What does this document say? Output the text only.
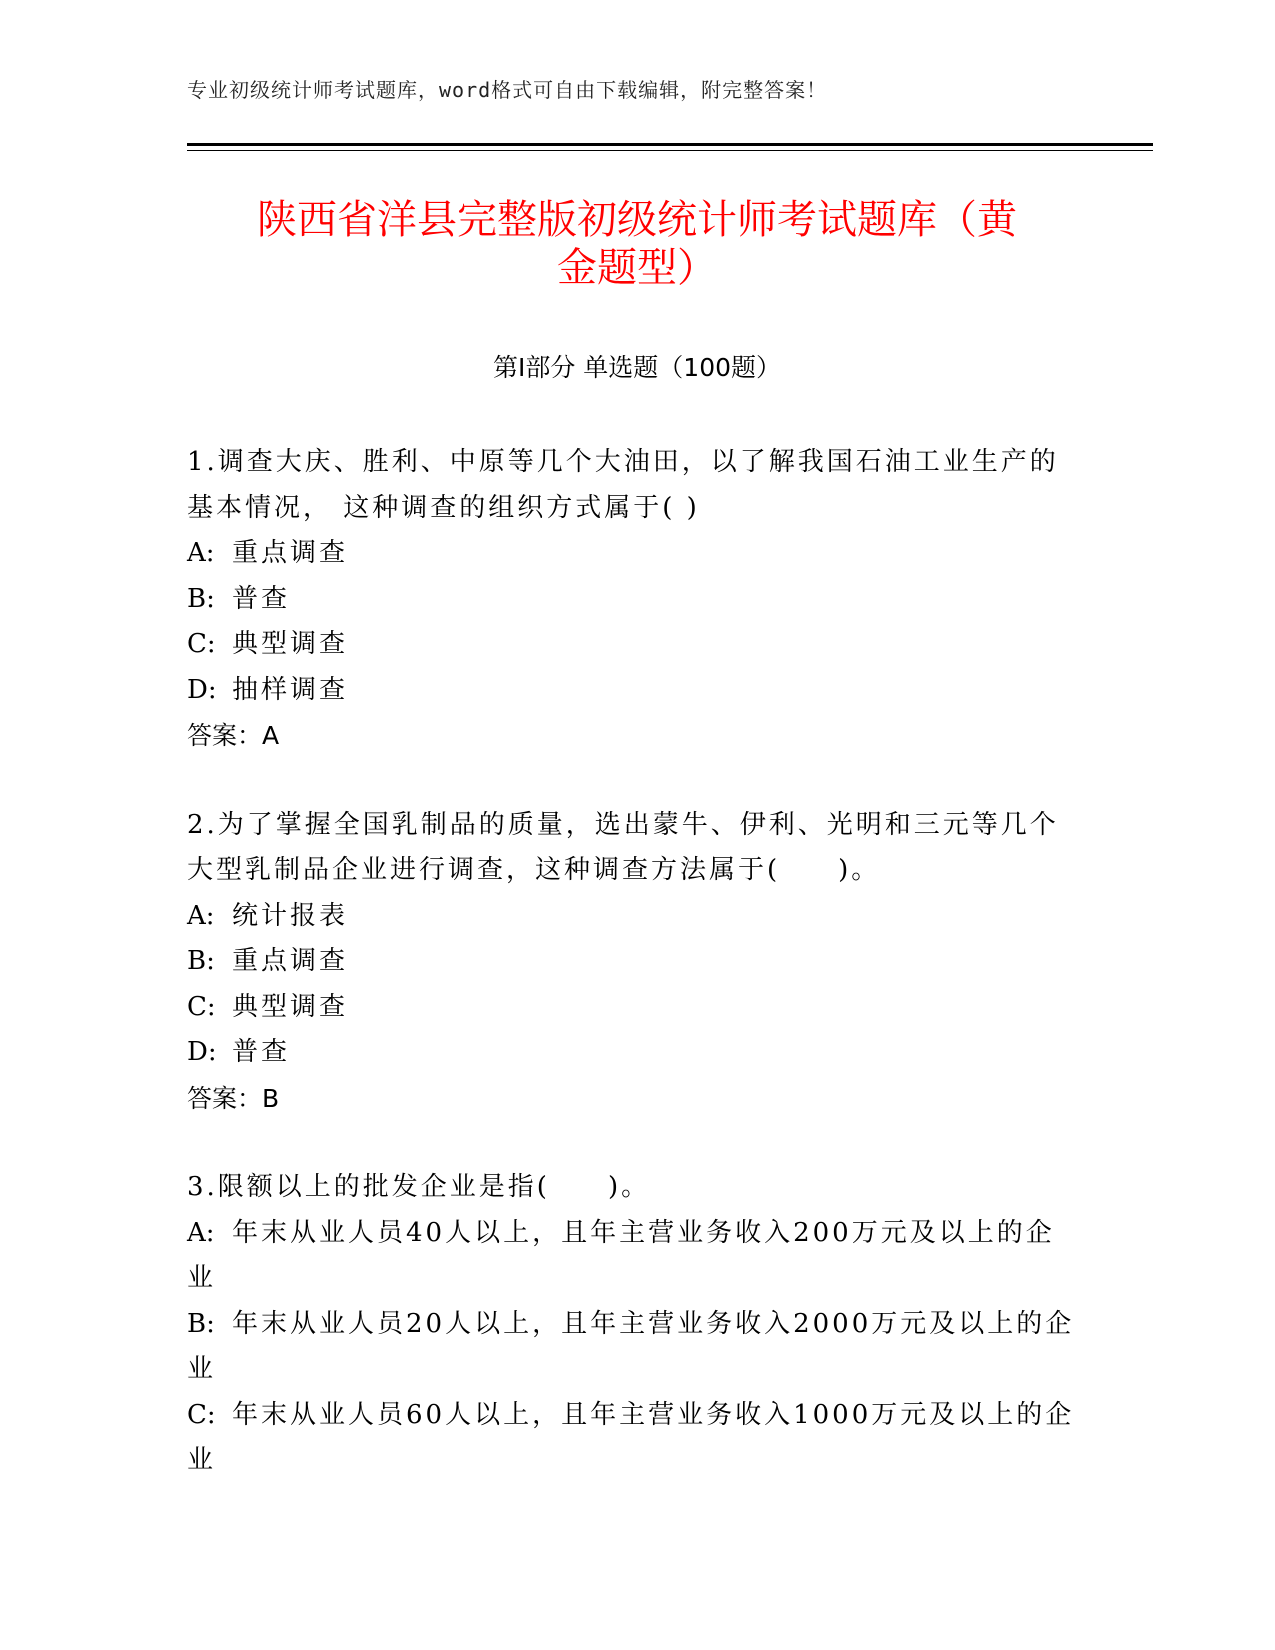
专业初级统计师考试题库，word格式可自由下载编辑，附完整答案！
陕西省洋县完整版初级统计师考试题库（黄
金题型）
第Ⅰ部分 单选题（100题）

1.调查大庆、胜利、中原等几个大油田，以了解我国石油工业生产的

基本情况， 这种调查的组织方式属于( )

A: 重点调查
B: 普查
C: 典型调查
D: 抽样调查

答案：A

2.为了掌握全国乳制品的质量，选出蒙牛、伊利、光明和三元等几个

大型乳制品企业进行调查，这种调查方法属于(　　)。

A: 统计报表
B: 重点调查
C: 典型调查
D: 普查

答案：B

3.限额以上的批发企业是指(　　)。

A: 年末从业人员40人以上，且年主营业务收入200万元及以上的企

业

B: 年末从业人员20人以上，且年主营业务收入2000万元及以上的企

业

C: 年末从业人员60人以上，且年主营业务收入1000万元及以上的企

业
